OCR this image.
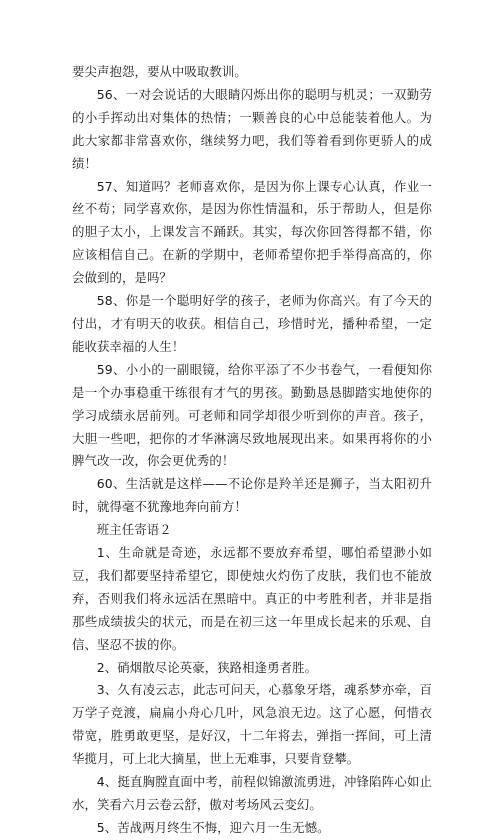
要尖声抱怨，要从中吸取教训。

56、一对会说话的大眼睛闪烁出你的聪明与机灵；一双勤劳的小手挥动出对集体的热情；一颗善良的心中总能装着他人。为此大家都非常喜欢你，继续努力吧，我们等着看到你更骄人的成绩！

57、知道吗？老师喜欢你，是因为你上课专心认真，作业一丝不苟；同学喜欢你，是因为你性情温和，乐于帮助人，但是你的胆子太小，上课发言不踊跃。其实，每次你回答得都不错，你应该相信自己。在新的学期中，老师希望你把手举得高高的，你会做到的，是吗？

58、你是一个聪明好学的孩子，老师为你高兴。有了今天的付出，才有明天的收获。相信自己，珍惜时光，播种希望，一定能收获幸福的人生！

59、小小的一副眼镜，给你平添了不少书卷气，一看便知你是一个办事稳重干练很有才气的男孩。勤勤恳恳脚踏实地使你的学习成绩永居前列。可老师和同学却很少听到你的声音。孩子，大胆一些吧，把你的才华淋漓尽致地展现出来。如果再将你的小脾气改一改，你会更优秀的！

60、生活就是这样——不论你是羚羊还是狮子，当太阳初升时，就得毫不犹豫地奔向前方！

班主任寄语２

1、生命就是奇迹，永远都不要放弃希望，哪怕希望渺小如豆，我们都要坚持希望它，即使烛火灼伤了皮肤，我们也不能放弃，否则我们将永远活在黑暗中。真正的中考胜利者，并非是指那些成绩拔尖的状元，而是在初三这一年里成长起来的乐观、自信、坚忍不拔的你。

2、硝烟散尽论英豪，狭路相逢勇者胜。

3、久有凌云志，此志可问天，心慕象牙塔，魂系梦亦牵，百万学子竞渡，扁扁小舟心几叶，风急浪无边。这了心愿，何惜衣带宽，胜勇敢更坚，是好汉，十二年将去，弹指一挥间，可上清华揽月，可上北大摘星，世上无难事，只要肯登攀。

4、挺直胸膛直面中考，前程似锦激流勇进，冲锋陷阵心如止水，笑看六月云卷云舒，傲对考场风云变幻。

5、苦战两月终生不悔，迎六月一生无憾。
